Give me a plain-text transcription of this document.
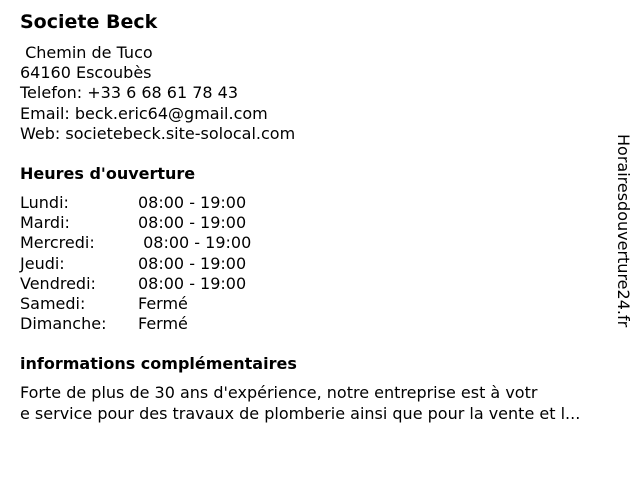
Societe Beck
Chemin de Tuco
64160 Escoubès
Telefon: +33 6 68 61 78 43
Email: beck.eric64@gmail.com
Web: societebeck.site-solocal.com
Heures d'ouverture
Lundi:	08:00 - 19:00
Mardi:	08:00 - 19:00
Mercredi:	08:00 - 19:00
Jeudi:	08:00 - 19:00
Vendredi:	08:00 - 19:00
Samedi:	Fermé
Dimanche:	Fermé
informations complémentaires
Forte de plus de 30 ans d'expérience, notre entreprise est à votr
e service pour des travaux de plomberie ainsi que pour la vente et l...
Horairesdouverture24.fr
